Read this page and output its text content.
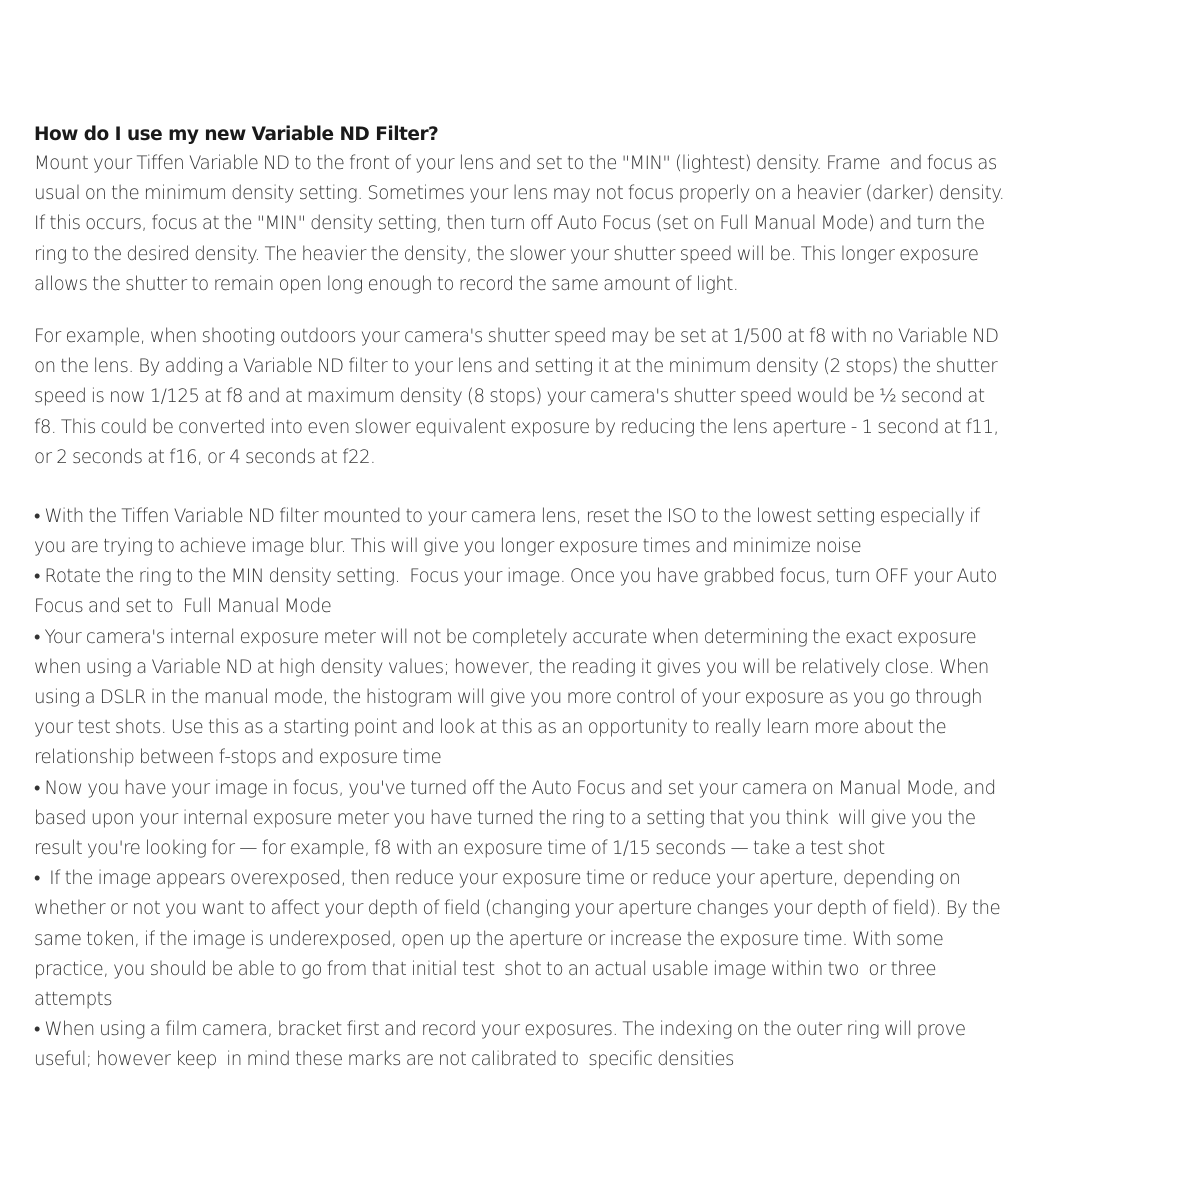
How do I use my new Variable ND Filter?
Mount your Tiffen Variable ND to the front of your lens and set to the "MIN" (lightest) density. Frame  and focus as
usual on the minimum density setting. Sometimes your lens may not focus properly on a heavier (darker) density.
If this occurs, focus at the "MIN" density setting, then turn off Auto Focus (set on Full Manual Mode) and turn the
ring to the desired density. The heavier the density, the slower your shutter speed will be. This longer exposure
allows the shutter to remain open long enough to record the same amount of light.
For example, when shooting outdoors your camera's shutter speed may be set at 1/500 at f8 with no Variable ND
on the lens. By adding a Variable ND filter to your lens and setting it at the minimum density (2 stops) the shutter
speed is now 1/125 at f8 and at maximum density (8 stops) your camera's shutter speed would be ½ second at
f8. This could be converted into even slower equivalent exposure by reducing the lens aperture - 1 second at f11,
or 2 seconds at f16, or 4 seconds at f22.
• With the Tiffen Variable ND filter mounted to your camera lens, reset the ISO to the lowest setting especially if
you are trying to achieve image blur. This will give you longer exposure times and minimize noise
• Rotate the ring to the MIN density setting.  Focus your image. Once you have grabbed focus, turn OFF your Auto
Focus and set to  Full Manual Mode
• Your camera's internal exposure meter will not be completely accurate when determining the exact exposure
when using a Variable ND at high density values; however, the reading it gives you will be relatively close. When
using a DSLR in the manual mode, the histogram will give you more control of your exposure as you go through
your test shots. Use this as a starting point and look at this as an opportunity to really learn more about the
relationship between f-stops and exposure time
• Now you have your image in focus, you've turned off the Auto Focus and set your camera on Manual Mode, and
based upon your internal exposure meter you have turned the ring to a setting that you think  will give you the
result you're looking for — for example, f8 with an exposure time of 1/15 seconds — take a test shot
•  If the image appears overexposed, then reduce your exposure time or reduce your aperture, depending on
whether or not you want to affect your depth of field (changing your aperture changes your depth of field). By the
same token, if the image is underexposed, open up the aperture or increase the exposure time. With some
practice, you should be able to go from that initial test  shot to an actual usable image within two  or three
attempts
• When using a film camera, bracket first and record your exposures. The indexing on the outer ring will prove
useful; however keep  in mind these marks are not calibrated to  specific densities
